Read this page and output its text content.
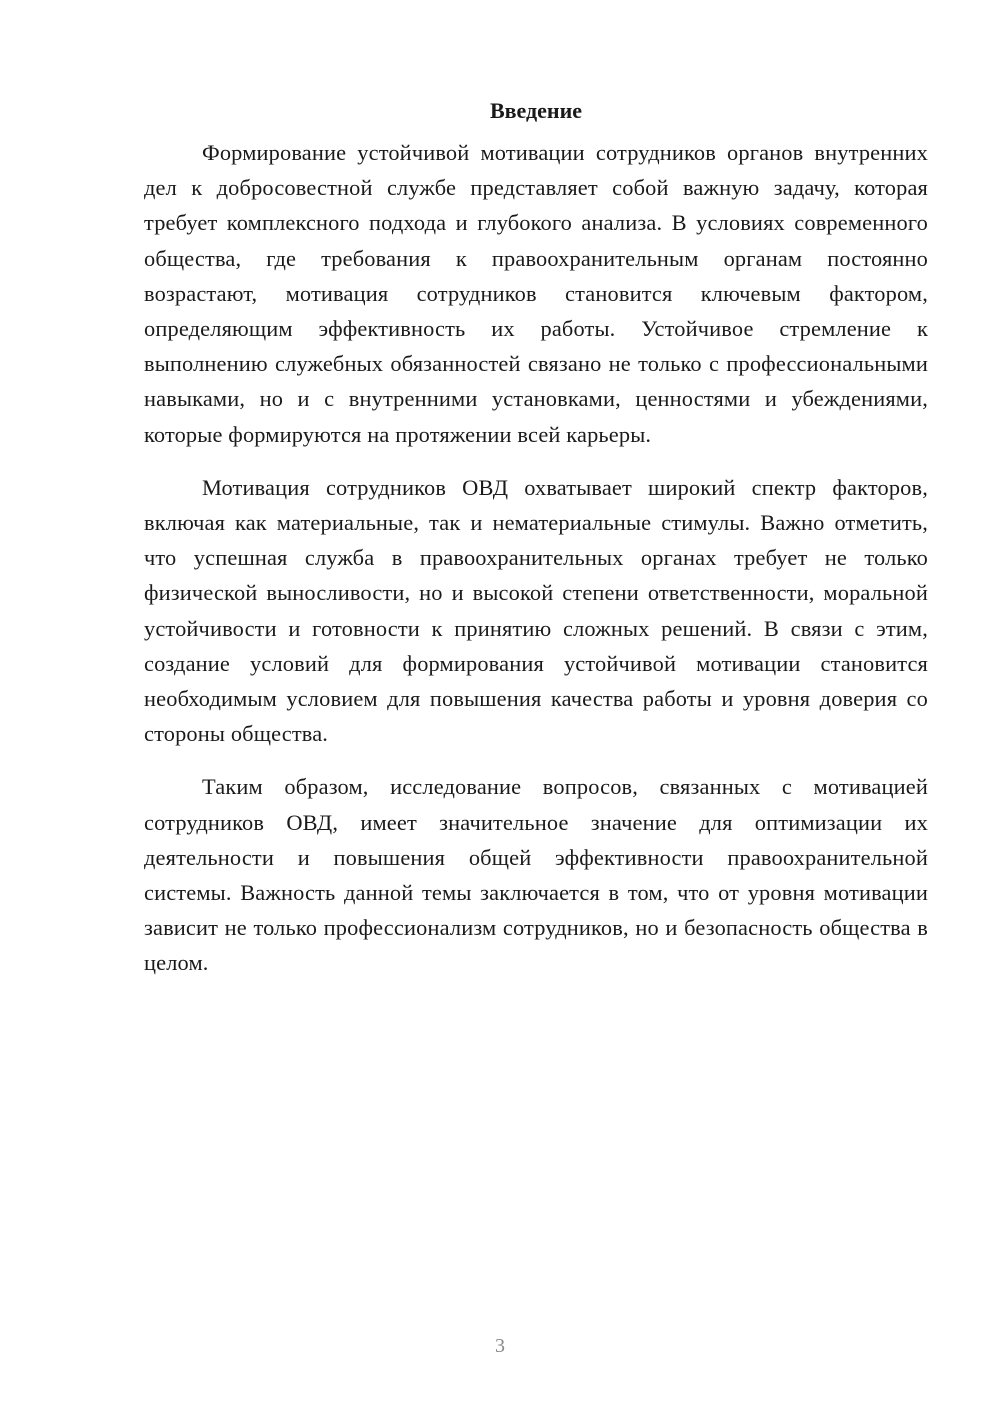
Введение

Формирование устойчивой мотивации сотрудников органов внутренних дел к добросовестной службе представляет собой важную задачу, которая требует комплексного подхода и глубокого анализа. В условиях современного общества, где требования к правоохранительным органам постоянно возрастают, мотивация сотрудников становится ключевым фактором, определяющим эффективность их работы. Устойчивое стремление к выполнению служебных обязанностей связано не только с профессиональными навыками, но и с внутренними установками, ценностями и убеждениями, которые формируются на протяжении всей карьеры.

Мотивация сотрудников ОВД охватывает широкий спектр факторов, включая как материальные, так и нематериальные стимулы. Важно отметить, что успешная служба в правоохранительных органах требует не только физической выносливости, но и высокой степени ответственности, моральной устойчивости и готовности к принятию сложных решений. В связи с этим, создание условий для формирования устойчивой мотивации становится необходимым условием для повышения качества работы и уровня доверия со стороны общества.

Таким образом, исследование вопросов, связанных с мотивацией сотрудников ОВД, имеет значительное значение для оптимизации их деятельности и повышения общей эффективности правоохранительной системы. Важность данной темы заключается в том, что от уровня мотивации зависит не только профессионализм сотрудников, но и безопасность общества в целом.

3
